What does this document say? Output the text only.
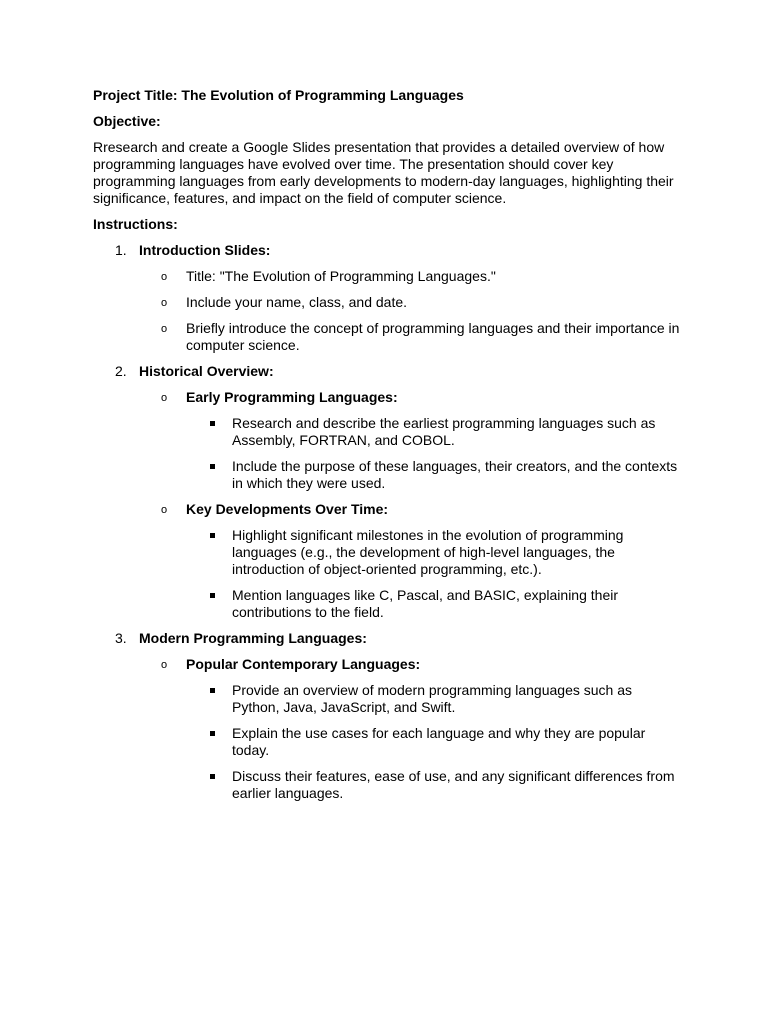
Project Title: The Evolution of Programming Languages

Objective:

Rresearch and create a Google Slides presentation that provides a detailed overview of how programming languages have evolved over time. The presentation should cover key programming languages from early developments to modern-day languages, highlighting their significance, features, and impact on the field of computer science.

Instructions:

1. Introduction Slides:
o Title: "The Evolution of Programming Languages."
o Include your name, class, and date.
o Briefly introduce the concept of programming languages and their importance in computer science.
2. Historical Overview:
o Early Programming Languages:
Research and describe the earliest programming languages such as Assembly, FORTRAN, and COBOL.
Include the purpose of these languages, their creators, and the contexts in which they were used.
o Key Developments Over Time:
Highlight significant milestones in the evolution of programming languages (e.g., the development of high-level languages, the introduction of object-oriented programming, etc.).
Mention languages like C, Pascal, and BASIC, explaining their contributions to the field.
3. Modern Programming Languages:
o Popular Contemporary Languages:
Provide an overview of modern programming languages such as Python, Java, JavaScript, and Swift.
Explain the use cases for each language and why they are popular today.
Discuss their features, ease of use, and any significant differences from earlier languages.
